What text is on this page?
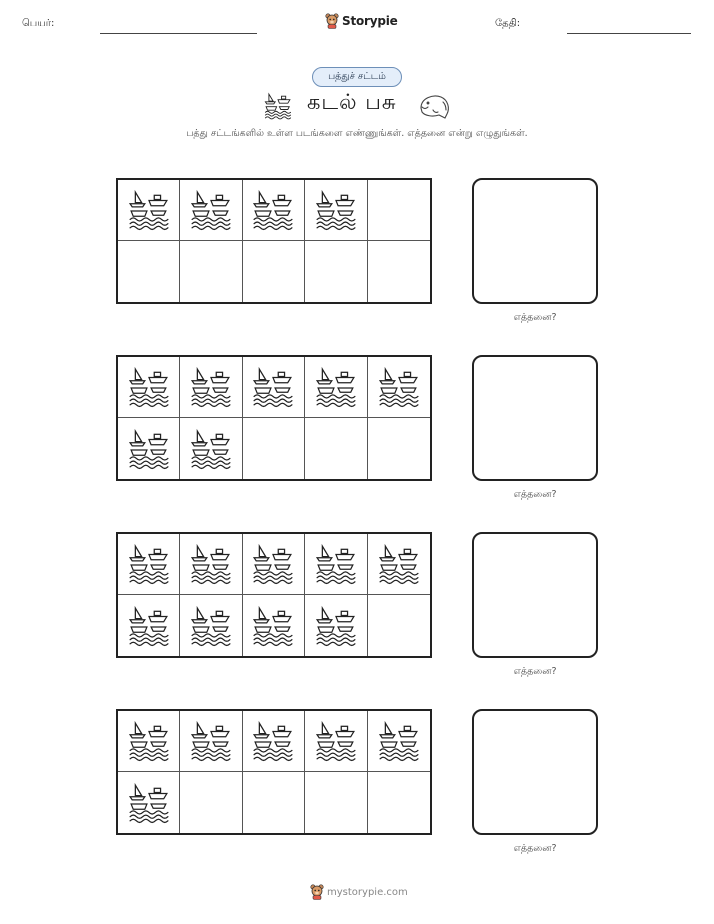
பெயர்:	Storypie	தேதி:
பத்துச் சட்டம்
கடல் பசு
பத்து சட்டங்களில் உள்ள படங்களை எண்ணுங்கள். எத்தனை என்று எழுதுங்கள்.
எத்தனை?
எத்தனை?
எத்தனை?
எத்தனை?
mystorypie.com
